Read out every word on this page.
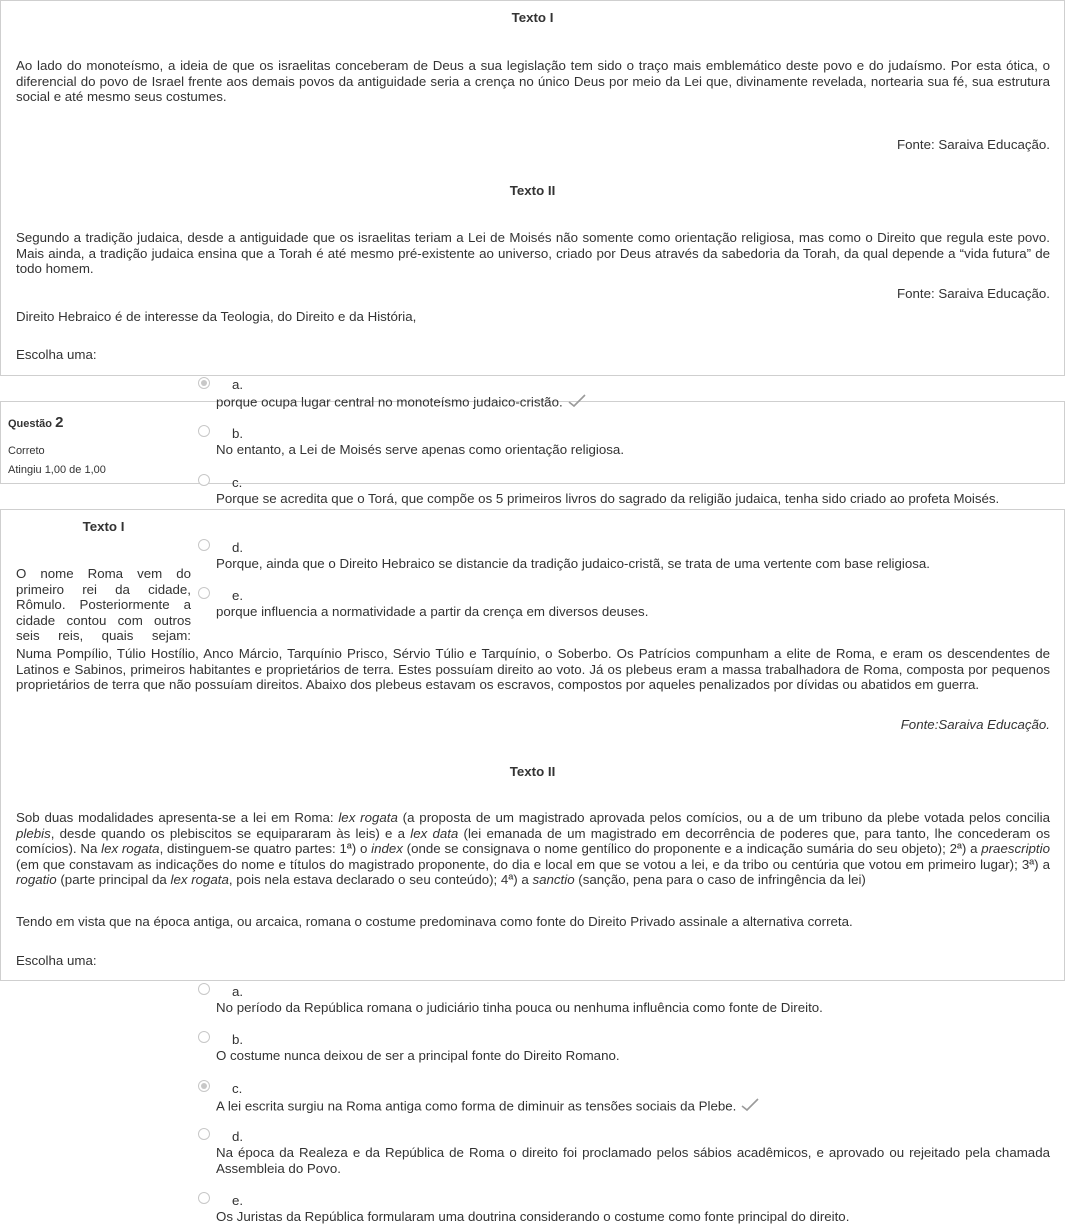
Texto I
Ao lado do monoteísmo, a ideia de que os israelitas conceberam de Deus a sua legislação tem sido o traço mais emblemático deste povo e do judaísmo. Por esta ótica, o diferencial do povo de Israel frente aos demais povos da antiguidade seria a crença no único Deus por meio da Lei que, divinamente revelada, nortearia sua fé, sua estrutura social e até mesmo seus costumes.
Fonte: Saraiva Educação.
Texto II
Segundo a tradição judaica, desde a antiguidade que os israelitas teriam a Lei de Moisés não somente como orientação religiosa, mas como o Direito que regula este povo. Mais ainda, a tradição judaica ensina que a Torah é até mesmo pré-existente ao universo, criado por Deus através da sabedoria da Torah, da qual depende a “vida futura” de todo homem.
Fonte: Saraiva Educação.
Direito Hebraico é de interesse da Teologia, do Direito e da História,
Escolha uma:
Questão 2
Correto
Atingiu 1,00 de 1,00
a.
porque ocupa lugar central no monoteísmo judaico-cristão.
b.
No entanto, a Lei de Moisés serve apenas como orientação religiosa.
c.
Porque se acredita que o Torá, que compõe os 5 primeiros livros do sagrado da religião judaica, tenha sido criado ao profeta Moisés.
Texto I
d.
Porque, ainda que o Direito Hebraico se distancie da tradição judaico-cristã, se trata de uma vertente com base religiosa.
e.
porque influencia a normatividade a partir da crença em diversos deuses.
O nome Roma vem do
primeiro rei da cidade,
Rômulo. Posteriormente a
cidade contou com outros
seis reis, quais sejam:
Numa Pompílio, Túlio Hostílio, Anco Márcio, Tarquínio Prisco, Sérvio Túlio e Tarquínio, o Soberbo. Os Patrícios compunham a elite de Roma, e eram os descendentes de Latinos e Sabinos, primeiros habitantes e proprietários de terra. Estes possuíam direito ao voto. Já os plebeus eram a massa trabalhadora de Roma, composta por pequenos proprietários de terra que não possuíam direitos. Abaixo dos plebeus estavam os escravos, compostos por aqueles penalizados por dívidas ou abatidos em guerra.
Fonte:Saraiva Educação.
Texto II
Sob duas modalidades apresenta-se a lei em Roma: lex rogata (a proposta de um magistrado aprovada pelos comícios, ou a de um tribuno da plebe votada pelos concilia plebis, desde quando os plebiscitos se equipararam às leis) e a lex data (lei emanada de um magistrado em decorrência de poderes que, para tanto, lhe concederam os comícios). Na lex rogata, distinguem-se quatro partes: 1ª) o index (onde se consignava o nome gentílico do proponente e a indicação sumária do seu objeto); 2ª) a praescriptio (em que constavam as indicações do nome e títulos do magistrado proponente, do dia e local em que se votou a lei, e da tribo ou centúria que votou em primeiro lugar); 3ª) a rogatio (parte principal da lex rogata, pois nela estava declarado o seu conteúdo); 4ª) a sanctio (sanção, pena para o caso de infringência da lei)
Tendo em vista que na época antiga, ou arcaica, romana o costume predominava como fonte do Direito Privado assinale a alternativa correta.
Escolha uma:
a.
No período da República romana o judiciário tinha pouca ou nenhuma influência como fonte de Direito.
b.
O costume nunca deixou de ser a principal fonte do Direito Romano.
c.
A lei escrita surgiu na Roma antiga como forma de diminuir as tensões sociais da Plebe.
d.
Na época da Realeza e da República de Roma o direito foi proclamado pelos sábios acadêmicos, e aprovado ou rejeitado pela chamada Assembleia do Povo.
e.
Os Juristas da República formularam uma doutrina considerando o costume como fonte principal do direito.
